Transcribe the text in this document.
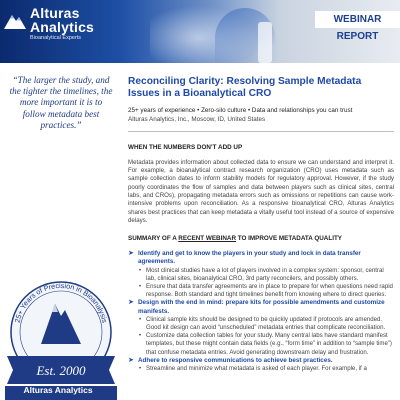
Alturas
Analytics
Bioanalytical Experts
WEBINAR REPORT
“The larger the study, and the tighter the timelines, the more important it is to follow metadata best practices.”
25+ Years of Precision in Bioanalysis
Est. 2000
Alturas Analytics
Reconciling Clarity: Resolving Sample Metadata Issues in a Bioanalytical CRO
25+ years of experience • Zero-silo culture • Data and relationships you can trust
Alturas Analytics, Inc., Moscow, ID, United States
WHEN THE NUMBERS DON’T ADD UP
Metadata provides information about collected data to ensure we can understand and interpret it. For example, a bioanalytical contract research organization (CRO) uses metadata such as sample collection dates to inform stability models for regulatory approval. However, if the study poorly coordinates the flow of samples and data between players such as clinical sites, central labs, and CROs), propagating metadata errors such as omissions or repetitions can cause work-intensive problems upon reconciliation. As a responsive bioanalytical CRO, Alturas Analytics shares best practices that can keep metadata a vitally useful tool instead of a source of expensive delays.
SUMMARY OF A RECENT WEBINAR TO IMPROVE METADATA QUALITY
➤ Identify and get to know the players in your study and lock in data transfer agreements.
• Most clinical studies have a lot of players involved in a complex system: sponsor, central lab, clinical sites, bioanalytical CRO, 3rd party reconcilers, and possibly others.
• Ensure that data transfer agreements are in place to prepare for when questions need rapid response. Both standard and tight timelines benefit from knowing where to direct queries.
➤ Design with the end in mind: prepare kits for possible amendments and customize manifests.
• Clinical sample kits should be designed to be quickly updated if protocols are amended. Good kit design can avoid “unscheduled” metadata entries that complicate reconciliation.
• Customize data collection tables for your study. Many central labs have standard manifest templates, but these might contain data fields (e.g., “form time” in addition to “sample time”) that confuse metadata entries. Avoid generating downstream delay and frustration.
➤ Adhere to responsive communications to achieve best practices.
• Streamline and minimize what metadata is asked of each player. For example, if a
